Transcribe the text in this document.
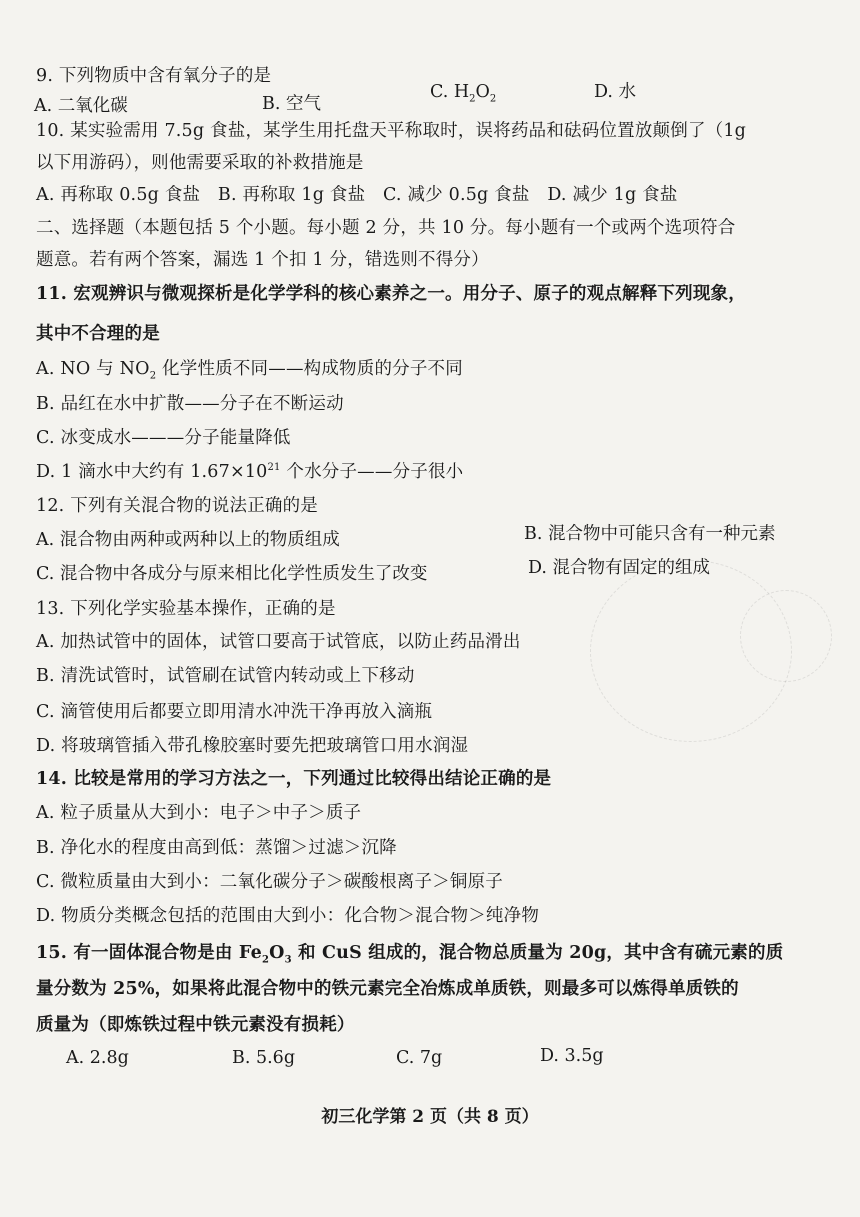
9. 下列物质中含有氧分子的是
A. 二氧化碳	B. 空气
C. $H_2O_2$	D. 水
10. 某实验需用 7.5g 食盐，某学生用托盘天平称取时，误将药品和砝码位置放颠倒了（1g
以下用游码），则他需要采取的补救措施是
A. 再称取 0.5g 食盐　B. 再称取 1g 食盐　C. 减少 0.5g 食盐　D. 减少 1g 食盐
二、选择题（本题包括 5 个小题。每小题 2 分，共 10 分。每小题有一个或两个选项符合
题意。若有两个答案，漏选 1 个扣 1 分，错选则不得分）
11. 宏观辨识与微观探析是化学学科的核心素养之一。用分子、原子的观点解释下列现象，
其中不合理的是
A. NO 与 $NO_2$ 化学性质不同——构成物质的分子不同
B. 品红在水中扩散——分子在不断运动
C. 冰变成水———分子能量降低
D. 1 滴水中大约有 $1.67\times 10^{21}$ 个水分子——分子很小
12. 下列有关混合物的说法正确的是
A. 混合物由两种或两种以上的物质组成	B. 混合物中可能只含有一种元素
C. 混合物中各成分与原来相比化学性质发生了改变	D. 混合物有固定的组成
13. 下列化学实验基本操作，正确的是
A. 加热试管中的固体，试管口要高于试管底，以防止药品滑出
B. 清洗试管时，试管刷在试管内转动或上下移动
C. 滴管使用后都要立即用清水冲洗干净再放入滴瓶
D. 将玻璃管插入带孔橡胶塞时要先把玻璃管口用水润湿
14. 比较是常用的学习方法之一，下列通过比较得出结论正确的是
A. 粒子质量从大到小：电子＞中子＞质子
B. 净化水的程度由高到低：蒸馏＞过滤＞沉降
C. 微粒质量由大到小：二氧化碳分子＞碳酸根离子＞铜原子
D. 物质分类概念包括的范围由大到小：化合物＞混合物＞纯净物
15. 有一固体混合物是由 $Fe_2O_3$ 和 CuS 组成的，混合物总质量为 20g，其中含有硫元素的质
量分数为 25%，如果将此混合物中的铁元素完全冶炼成单质铁，则最多可以炼得单质铁的
质量为（即炼铁过程中铁元素没有损耗）
A. 2.8g	B. 5.6g	C. 7g	D. 3.5g
初三化学第 2 页（共 8 页）
